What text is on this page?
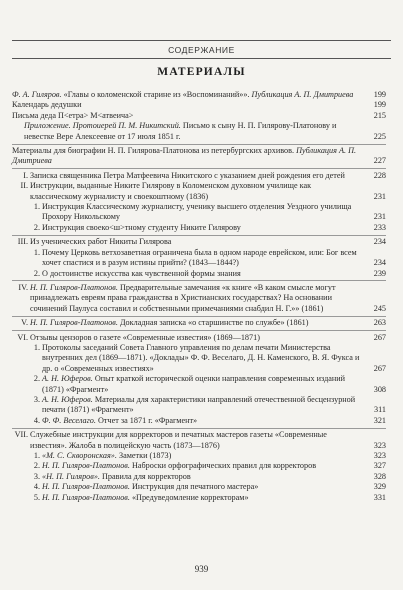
СОДЕРЖАНИЕ
МАТЕРИАЛЫ
Ф. А. Гиляров. «Главы о коломенской старине из «Воспоминаний»». Публикация А. П. Дмитриева	199
Календарь дедушки	199
Письма деда П<етра> М<атвеича>	215
Приложение. Протоиерей П. М. Никитский. Письмо к сыну Н. П. Гилярову-Платонову и невестке Вере Алексеевне от 17 июля 1851 г.	225
Материалы для биографии Н. П. Гилярова-Платонова из петербургских архивов. Публикация А. П. Дмитриева	227
I. Записка священника Петра Матфеевича Никитского с указанием дней рождения его детей	228
II. Инструкции, выданные Никите Гилярову в Коломенском духовном училище как классическому журналисту и своекоштному (1836)	231
1. Инструкция Классическому журналисту, ученику высшего отделения Уездного училища Прохору Никольскому	231
2. Инструкция своеко<ш>тному студенту Никите Гилярову	233
III. Из ученических работ Никиты Гилярова	234
1. Почему Церковь ветхозаветная ограничена была в одном народе еврейском, или: Бог всем хочет спастися и в разум истины прийти? (1843—1844?)	234
2. О достоинстве искусства как чувственной формы знания	239
IV. Н. П. Гиляров-Платонов. Предварительные замечания «к книге «В каком смысле могут принадлежать евреям права гражданства в Христианских государствах? На основании сочинений Паулуса составил и собственными примечаниями снабдил Н. Г.»» (1861)	245
V. Н. П. Гиляров-Платонов. Докладная записка «о старшинстве по службе» (1861)	263
VI. Отзывы цензоров о газете «Современные известия» (1869—1871)	267
1. Протоколы заседаний Совета Главного управления по делам печати Министерства внутренних дел (1869—1871). «Доклады» Ф. Ф. Веселаго, Д. Н. Каменского, В. Я. Фукса и др. о «Современных известиях»	267
2. А. Н. Юферов. Опыт краткой исторической оценки направления современных изданий (1871) «Фрагмент»	308
3. А. Н. Юферов. Материалы для характеристики направлений отечественной бесцензурной печати (1871) «Фрагмент»	311
4. Ф. Ф. Веселаго. Отчет за 1871 г. «Фрагмент»	321
VII. Служебные инструкции для корректоров и печатных мастеров газеты «Современные известия». Жалоба в полицейскую часть (1873—1876)	323
1. «М. С. Скворонская». Заметки (1873)	323
2. Н. П. Гиляров-Платонов. Наброски орфографических правил для корректоров	327
3. «Н. П. Гиляров». Правила для корректоров	328
4. Н. П. Гиляров-Платонов. Инструкция для печатного мастера»	329
5. Н. П. Гиляров-Платонов. «Предуведомление корректорам»	331
939
